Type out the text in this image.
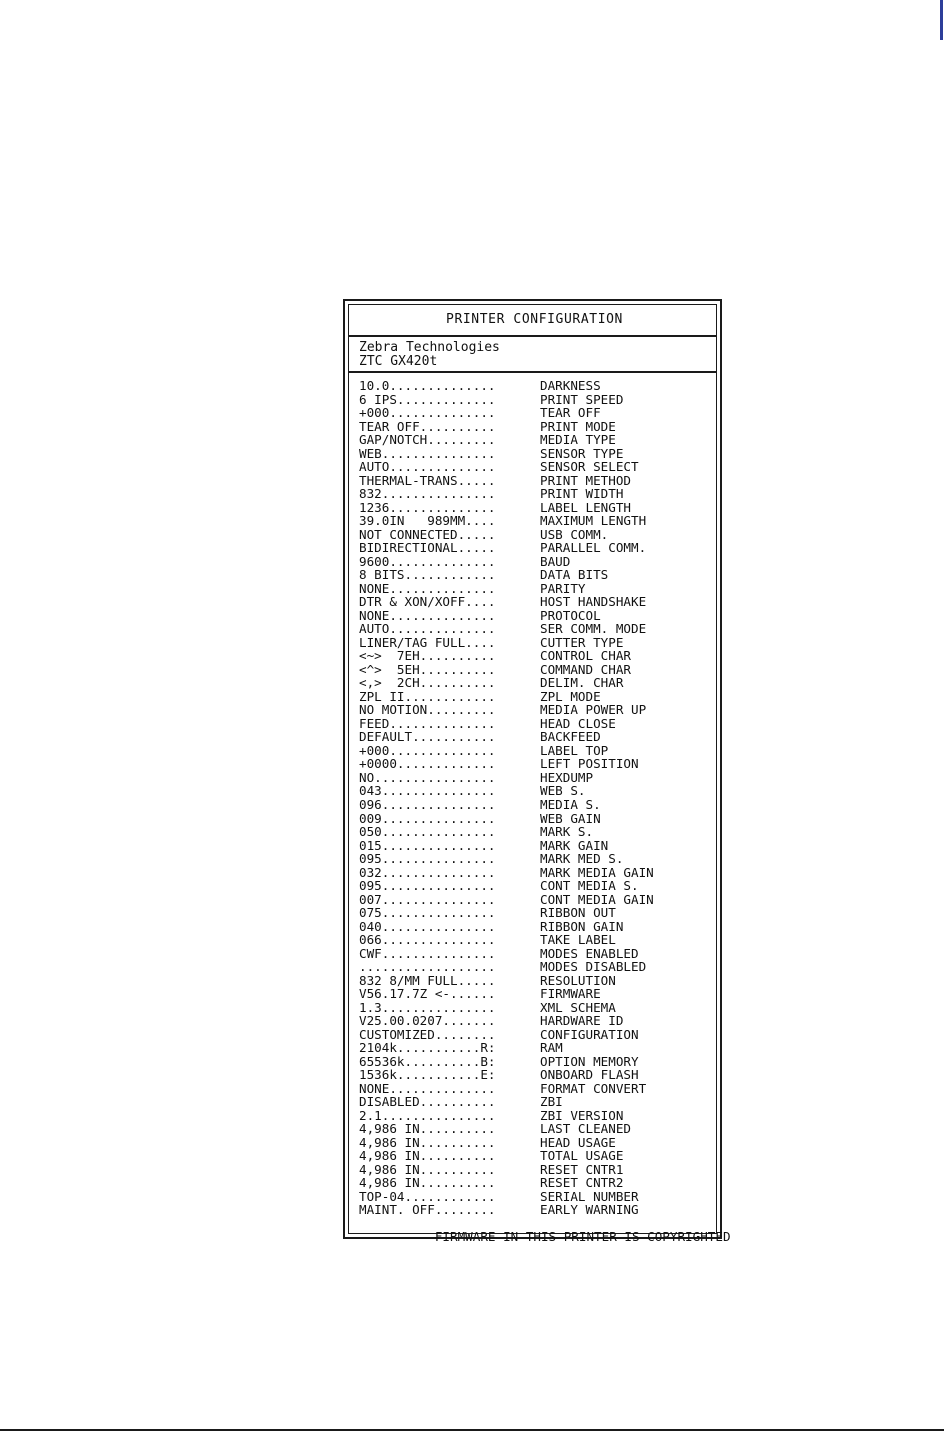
PRINTER CONFIGURATION
Zebra Technologies
ZTC GX420t
10.0..............	DARKNESS
6 IPS.............	PRINT SPEED
+000..............	TEAR OFF
TEAR OFF..........	PRINT MODE
GAP/NOTCH.........	MEDIA TYPE
WEB...............	SENSOR TYPE
AUTO..............	SENSOR SELECT
THERMAL-TRANS.....	PRINT METHOD
832...............	PRINT WIDTH
1236..............	LABEL LENGTH
39.0IN   989MM....	MAXIMUM LENGTH
NOT CONNECTED.....	USB COMM.
BIDIRECTIONAL.....	PARALLEL COMM.
9600..............	BAUD
8 BITS............	DATA BITS
NONE..............	PARITY
DTR & XON/XOFF....	HOST HANDSHAKE
NONE..............	PROTOCOL
AUTO..............	SER COMM. MODE
LINER/TAG FULL....	CUTTER TYPE
<~>  7EH..........	CONTROL CHAR
<^>  5EH..........	COMMAND CHAR
<,>  2CH..........	DELIM. CHAR
ZPL II............	ZPL MODE
NO MOTION.........	MEDIA POWER UP
FEED..............	HEAD CLOSE
DEFAULT...........	BACKFEED
+000..............	LABEL TOP
+0000.............	LEFT POSITION
NO................	HEXDUMP
043...............	WEB S.
096...............	MEDIA S.
009...............	WEB GAIN
050...............	MARK S.
015...............	MARK GAIN
095...............	MARK MED S.
032...............	MARK MEDIA GAIN
095...............	CONT MEDIA S.
007...............	CONT MEDIA GAIN
075...............	RIBBON OUT
040...............	RIBBON GAIN
066...............	TAKE LABEL
CWF...............	MODES ENABLED
..................	MODES DISABLED
832 8/MM FULL.....	RESOLUTION
V56.17.7Z <-......	FIRMWARE
1.3...............	XML SCHEMA
V25.00.0207.......	HARDWARE ID
CUSTOMIZED........	CONFIGURATION
2104k...........R:	RAM
65536k..........B:	OPTION MEMORY
1536k...........E:	ONBOARD FLASH
NONE..............	FORMAT CONVERT
DISABLED..........	ZBI
2.1...............	ZBI VERSION
4,986 IN..........	LAST CLEANED
4,986 IN..........	HEAD USAGE
4,986 IN..........	TOTAL USAGE
4,986 IN..........	RESET CNTR1
4,986 IN..........	RESET CNTR2
TOP-04............	SERIAL NUMBER
MAINT. OFF........	EARLY WARNING

FIRMWARE IN THIS PRINTER IS COPYRIGHTED
